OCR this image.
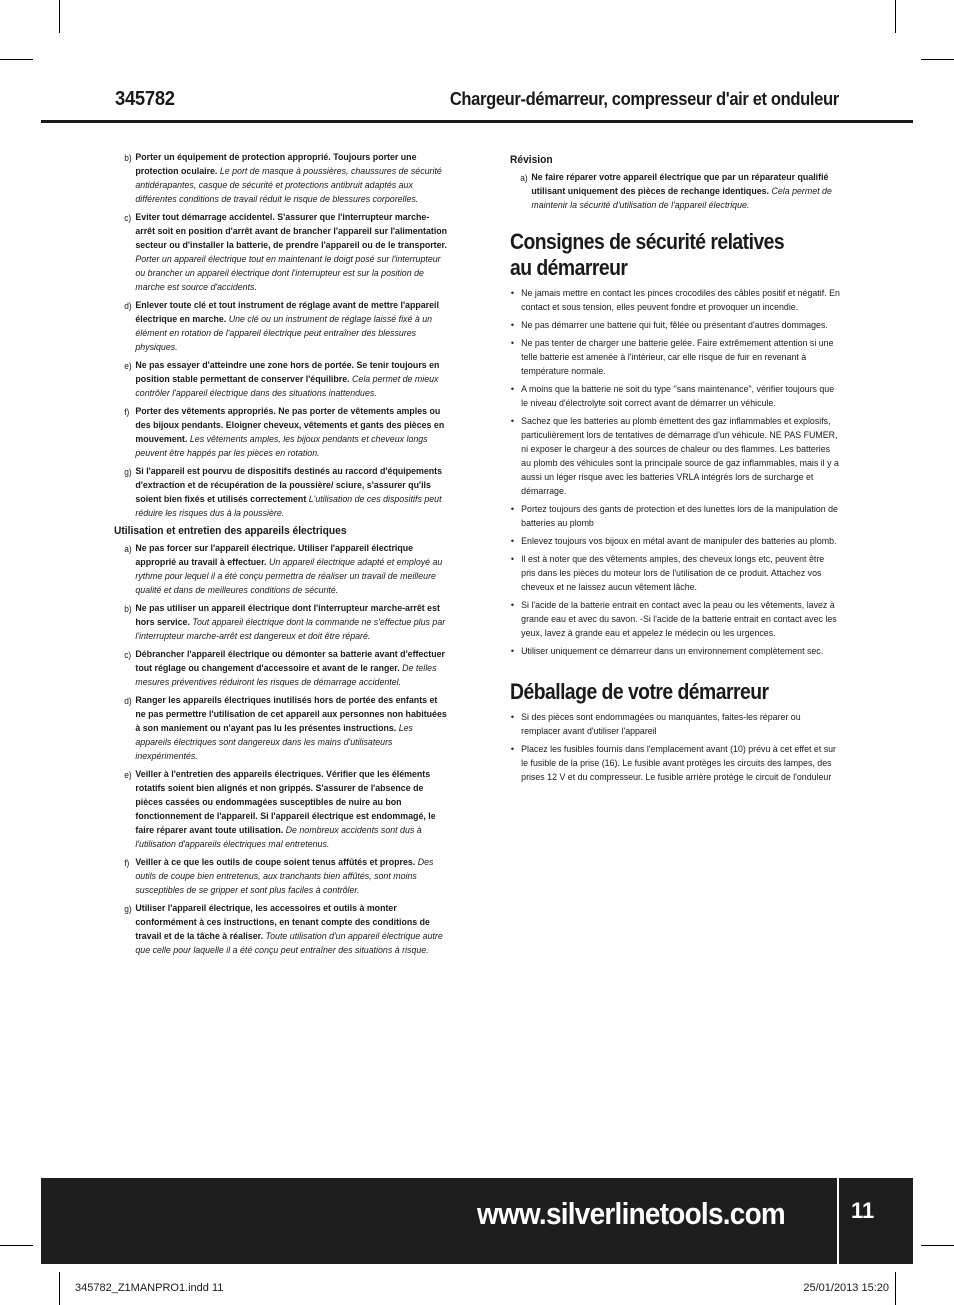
345782	Chargeur-démarreur, compresseur d'air et onduleur
b) Porter un équipement de protection approprié. Toujours porter une protection oculaire. Le port de masque à poussières, chaussures de sécurité antidérapantes, casque de sécurité et protections antibruit adaptés aux différentes conditions de travail réduit le risque de blessures corporelles.
c) Eviter tout démarrage accidentel. S'assurer que l'interrupteur marche-arrêt soit en position d'arrêt avant de brancher l'appareil sur l'alimentation secteur ou d'installer la batterie, de prendre l'appareil ou de le transporter. Porter un appareil électrique tout en maintenant le doigt posé sur l'interrupteur ou brancher un appareil électrique dont l'interrupteur est sur la position de marche est source d'accidents.
d) Enlever toute clé et tout instrument de réglage avant de mettre l'appareil électrique en marche. Une clé ou un instrument de réglage laissé fixé à un élément en rotation de l'appareil électrique peut entraîner des blessures physiques.
e) Ne pas essayer d'atteindre une zone hors de portée. Se tenir toujours en position stable permettant de conserver l'équilibre. Cela permet de mieux contrôler l'appareil électrique dans des situations inattendues.
f) Porter des vêtements appropriés. Ne pas porter de vêtements amples ou des bijoux pendants. Eloigner cheveux, vêtements et gants des pièces en mouvement. Les vêtements amples, les bijoux pendants et cheveux longs peuvent être happés par les pièces en rotation.
g) Si l'appareil est pourvu de dispositifs destinés au raccord d'équipements d'extraction et de récupération de la poussière/ sciure, s'assurer qu'ils soient bien fixés et utilisés correctement L'utilisation de ces dispositifs peut réduire les risques dus à la poussière.
Utilisation et entretien des appareils électriques
a) Ne pas forcer sur l'appareil électrique. Utiliser l'appareil électrique approprié au travail à effectuer. Un appareil électrique adapté et employé au rythme pour lequel il a été conçu permettra de réaliser un travail de meilleure qualité et dans de meilleures conditions de sécurité.
b) Ne pas utiliser un appareil électrique dont l'interrupteur marche-arrêt est hors service. Tout appareil électrique dont la commande ne s'effectue plus par l'interrupteur marche-arrêt est dangereux et doit être réparé.
c) Débrancher l'appareil électrique ou démonter sa batterie avant d'effectuer tout réglage ou changement d'accessoire et avant de le ranger. De telles mesures préventives réduiront les risques de démarrage accidentel.
d) Ranger les appareils électriques inutilisés hors de portée des enfants et ne pas permettre l'utilisation de cet appareil aux personnes non habituées à son maniement ou n'ayant pas lu les présentes instructions. Les appareils électriques sont dangereux dans les mains d'utilisateurs inexpérimentés.
e) Veiller à l'entretien des appareils électriques. Vérifier que les éléments rotatifs soient bien alignés et non grippés. S'assurer de l'absence de pièces cassées ou endommagées susceptibles de nuire au bon fonctionnement de l'appareil. Si l'appareil électrique est endommagé, le faire réparer avant toute utilisation. De nombreux accidents sont dus à l'utilisation d'appareils électriques mal entretenus.
f) Veiller à ce que les outils de coupe soient tenus affûtés et propres. Des outils de coupe bien entretenus, aux tranchants bien affûtés, sont moins susceptibles de se gripper et sont plus faciles à contrôler.
g) Utiliser l'appareil électrique, les accessoires et outils à monter conformément à ces instructions, en tenant compte des conditions de travail et de la tâche à réaliser. Toute utilisation d'un appareil électrique autre que celle pour laquelle il a été conçu peut entraîner des situations à risque.
Révision
a) Ne faire réparer votre appareil électrique que par un réparateur qualifié utilisant uniquement des pièces de rechange identiques. Cela permet de maintenir la sécurité d'utilisation de l'appareil électrique.
Consignes de sécurité relatives
au démarreur
• Ne jamais mettre en contact les pinces crocodiles des câbles positif et négatif. En contact et sous tension, elles peuvent fondre et provoquer un incendie.
• Ne pas démarrer une batterie qui fuit, fêlée ou présentant d'autres dommages.
• Ne pas tenter de charger une batterie gelée. Faire extrêmement attention si une telle batterie est amenée à l'intérieur, car elle risque de fuir en revenant à température normale.
• A moins que la batterie ne soit du type ''sans maintenance", vérifier toujours que le niveau d'électrolyte soit correct avant de démarrer un véhicule.
• Sachez que les batteries au plomb émettent des gaz inflammables et explosifs, particulièrement lors de tentatives de démarrage d'un véhicule. NE PAS FUMER, ni exposer le chargeur à des sources de chaleur ou des flammes. Les batteries au plomb des véhicules sont la principale source de gaz inflammables, mais il y a aussi un léger risque avec les batteries VRLA intégrés lors de surcharge et démarrage.
• Portez toujours des gants de protection et des lunettes lors de la manipulation de batteries au plomb
• Enlevez toujours vos bijoux en métal avant de manipuler des batteries au plomb.
• Il est à noter que des vêtements amples, des cheveux longs etc, peuvent être pris dans les pièces du moteur lors de l'utilisation de ce produit. Attachez vos cheveux et ne laissez aucun vêtement lâche.
• Si l'acide de la batterie entrait en contact avec la peau ou les vêtements, lavez à grande eau et avec du savon. -Si l'acide de la batterie entrait en contact avec les yeux, lavez à grande eau et appelez le médecin ou les urgences.
• Utiliser uniquement ce démarreur dans un environnement complètement sec.
Déballage de votre démarreur
• Si des pièces sont endommagées ou manquantes, faites-les réparer ou remplacer avant d'utiliser l'appareil
• Placez les fusibles fournis dans l'emplacement avant (10) prévu à cet effet et sur le fusible de la prise (16). Le fusible avant protèges les circuits des lampes, des prises 12 V et du compresseur. Le fusible arrière protège le circuit de l'onduleur
www.silverlinetools.com	11
345782_Z1MANPRO1.indd 11	25/01/2013 15:20
